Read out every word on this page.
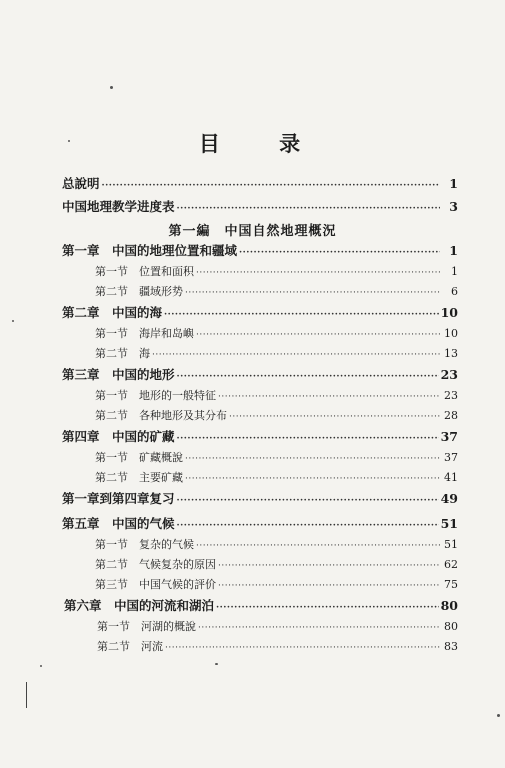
目 录
总說明 ·····	1
中国地理教学进度表 ·····	3
第一編　中国自然地理概況
第一章　中国的地理位置和疆域 ·····	1
第一节　位置和面积 ·····	1
第二节　疆域形势 ·····	6
第二章　中国的海 ·····	10
第一节　海岸和岛嶼 ·····	10
第二节　海 ·····	13
第三章　中国的地形 ·····	23
第一节　地形的一般特征 ·····	23
第二节　各种地形及其分布 ·····	28
第四章　中国的矿藏 ·····	37
第一节　矿藏概說 ·····	37
第二节　主要矿藏 ·····	41
第一章到第四章复习 ·····	49
第五章　中国的气候 ·····	51
第一节　复杂的气候 ·····	51
第二节　气候复杂的原因 ·····	62
第三节　中国气候的評价 ·····	75
第六章　中国的河流和湖泊 ·····	80
第一节　河湖的概說 ·····	80
第二节　河流 ·····	83
